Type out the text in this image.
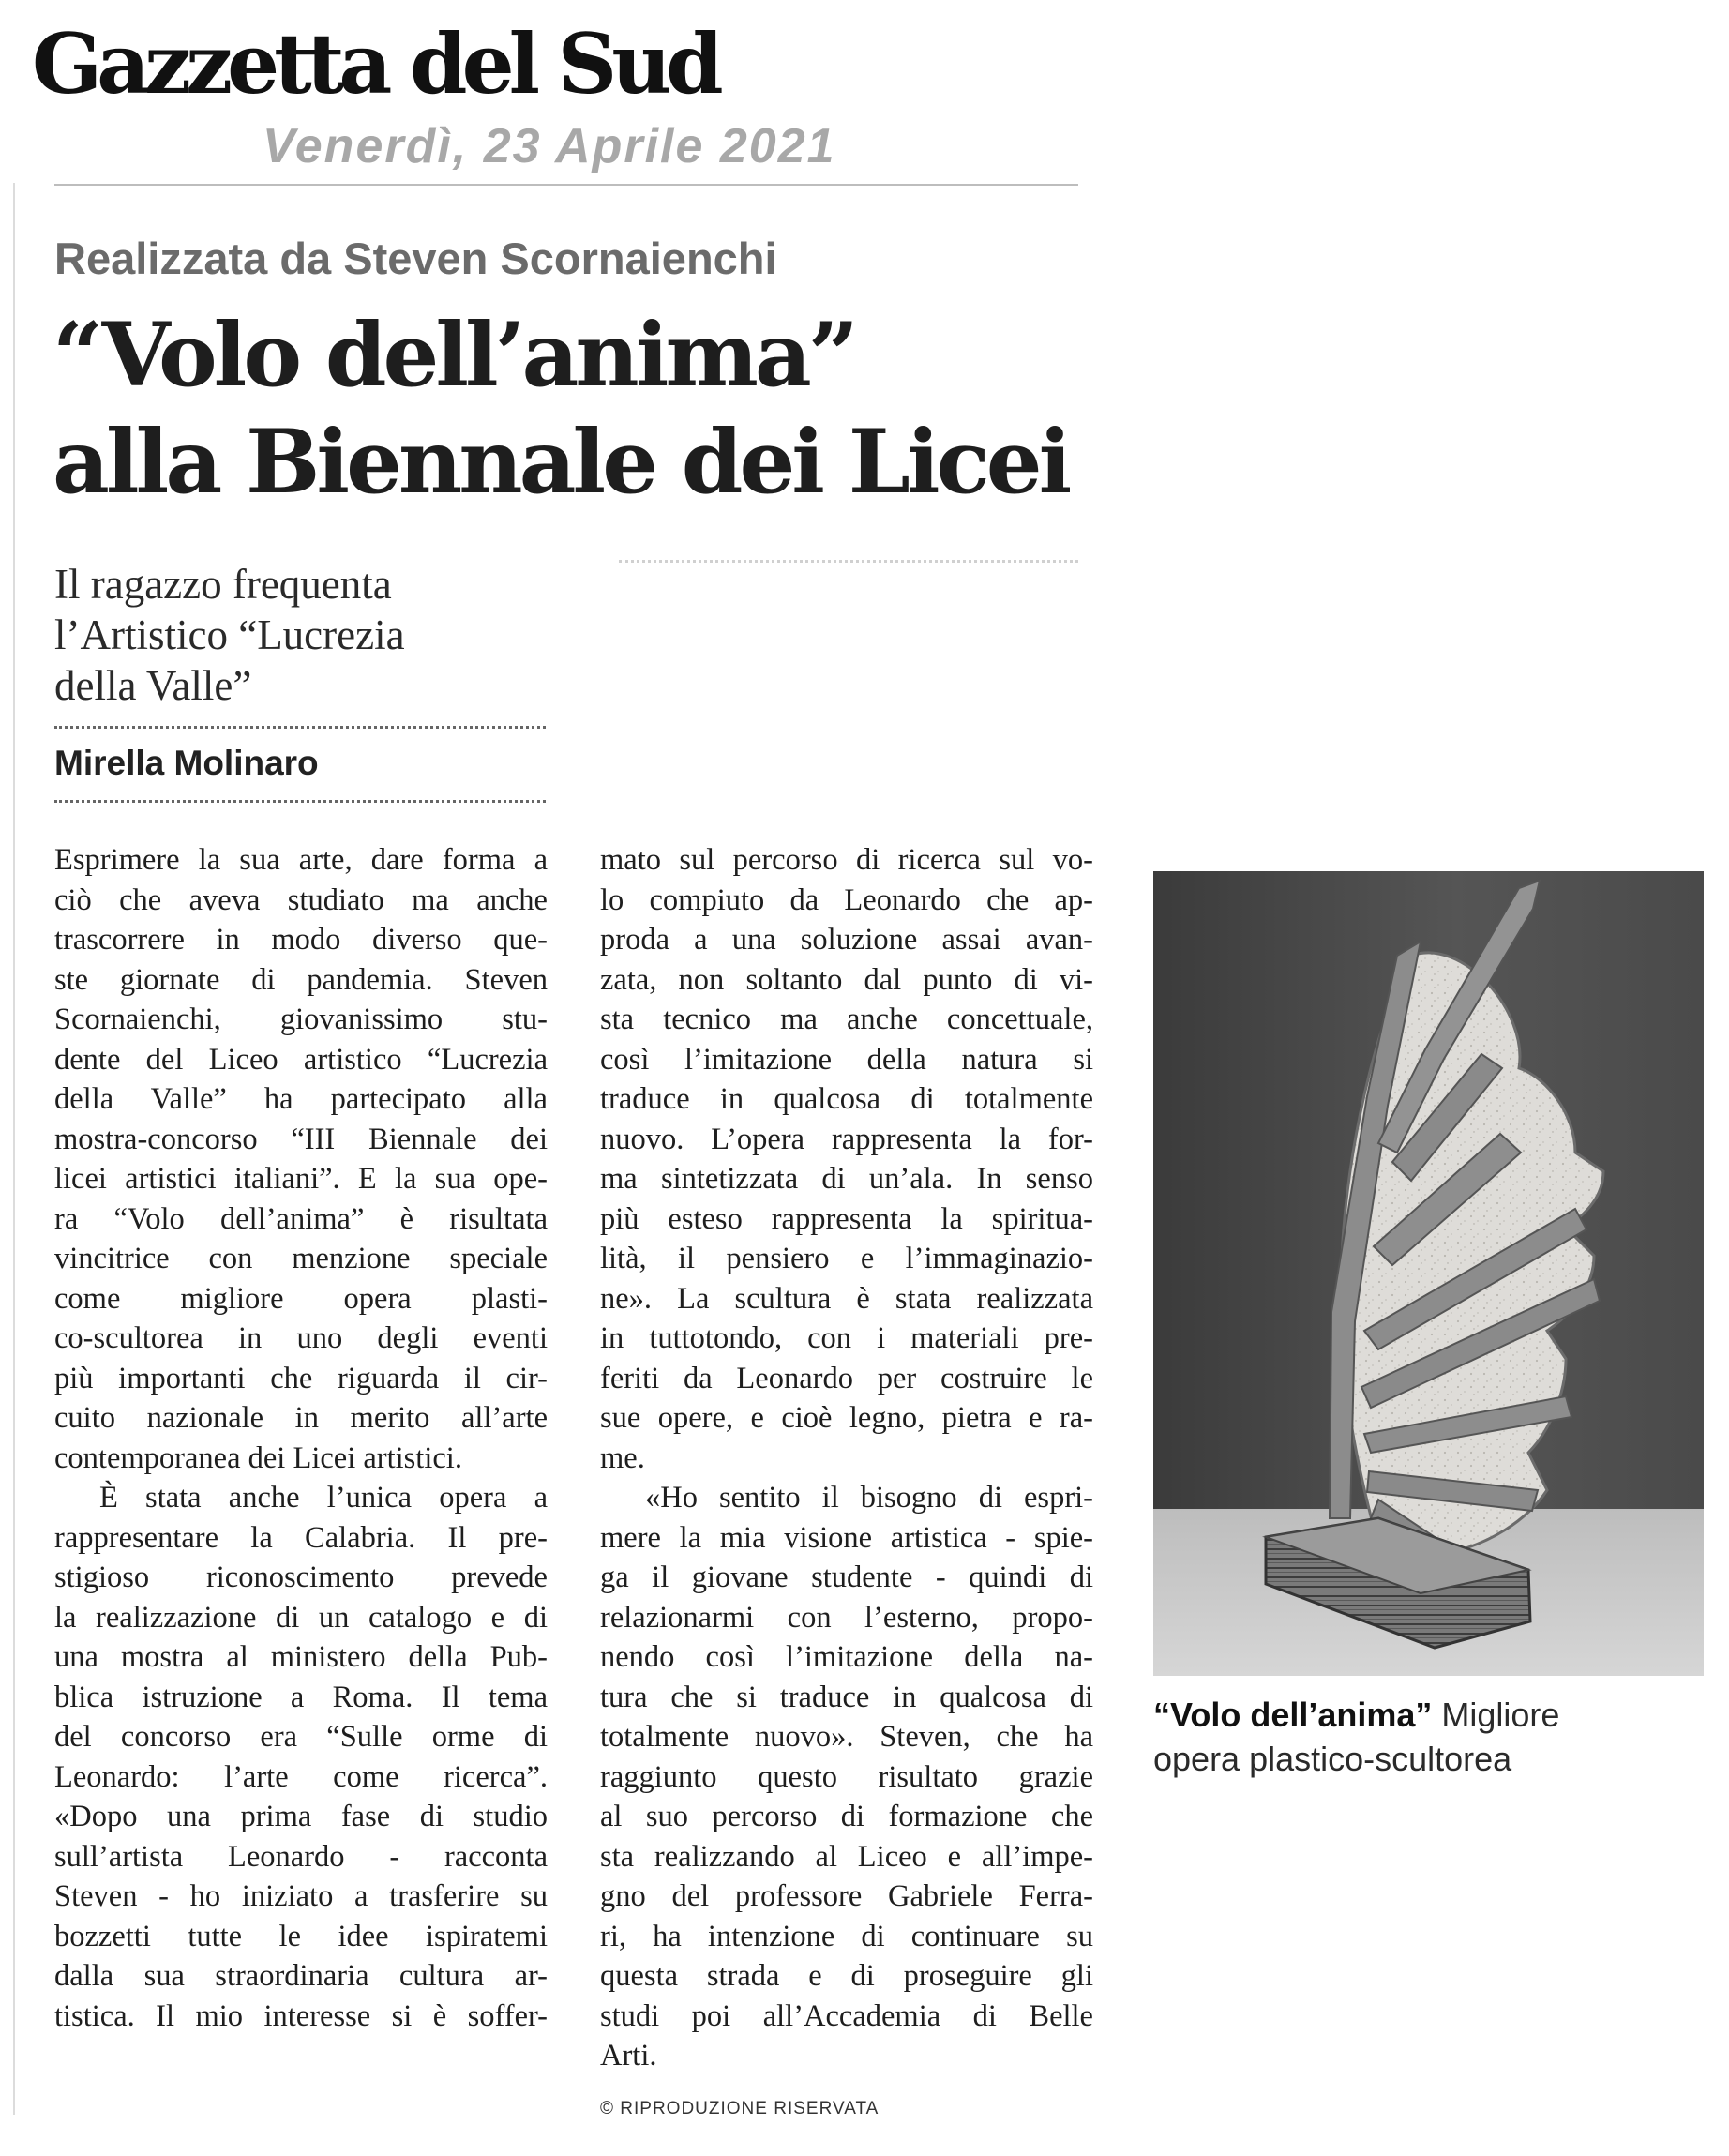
Gazzetta del Sud
Venerdì, 23 Aprile 2021
Realizzata da Steven Scornaienchi
“Volo dell’anima”
alla Biennale dei Licei
Il ragazzo frequenta
l’Artistico “Lucrezia
della Valle”
Mirella Molinaro

Esprimere la sua arte, dare forma a

ciò che aveva studiato ma anche

trascorrere in modo diverso que-

ste giornate di pandemia. Steven

Scornaienchi, giovanissimo stu-

dente del Liceo artistico “Lucrezia

della Valle” ha partecipato alla

mostra-concorso “III Biennale dei

licei artistici italiani”. E la sua ope-

ra “Volo dell’anima” è risultata

vincitrice con menzione speciale

come migliore opera plasti-

co-scultorea in uno degli eventi

più importanti che riguarda il cir-

cuito nazionale in merito all’arte

contemporanea dei Licei artistici.

È stata anche l’unica opera a

rappresentare la Calabria. Il pre-

stigioso riconoscimento prevede

la realizzazione di un catalogo e di

una mostra al ministero della Pub-

blica istruzione a Roma. Il tema

del concorso era “Sulle orme di

Leonardo: l’arte come ricerca”.

«Dopo una prima fase di studio

sull’artista Leonardo - racconta

Steven - ho iniziato a trasferire su

bozzetti tutte le idee ispiratemi

dalla sua straordinaria cultura ar-

tistica. Il mio interesse si è soffer-

mato sul percorso di ricerca sul vo-

lo compiuto da Leonardo che ap-

proda a una soluzione assai avan-

zata, non soltanto dal punto di vi-

sta tecnico ma anche concettuale,

così l’imitazione della natura si

traduce in qualcosa di totalmente

nuovo. L’opera rappresenta la for-

ma sintetizzata di un’ala. In senso

più esteso rappresenta la spiritua-

lità, il pensiero e l’immaginazio-

ne». La scultura è stata realizzata

in tuttotondo, con i materiali pre-

feriti da Leonardo per costruire le

sue opere, e cioè legno, pietra e ra-

me.

«Ho sentito il bisogno di espri-

mere la mia visione artistica - spie-

ga il giovane studente - quindi di

relazionarmi con l’esterno, propo-

nendo così l’imitazione della na-

tura che si traduce in qualcosa di

totalmente nuovo». Steven, che ha

raggiunto questo risultato grazie

al suo percorso di formazione che

sta realizzando al Liceo e all’impe-

gno del professore Gabriele Ferra-

ri, ha intenzione di continuare su

questa strada e di proseguire gli

studi poi all’Accademia di Belle

Arti.

© RIPRODUZIONE RISERVATA
“Volo dell’anima” Migliore
opera plastico-scultorea
